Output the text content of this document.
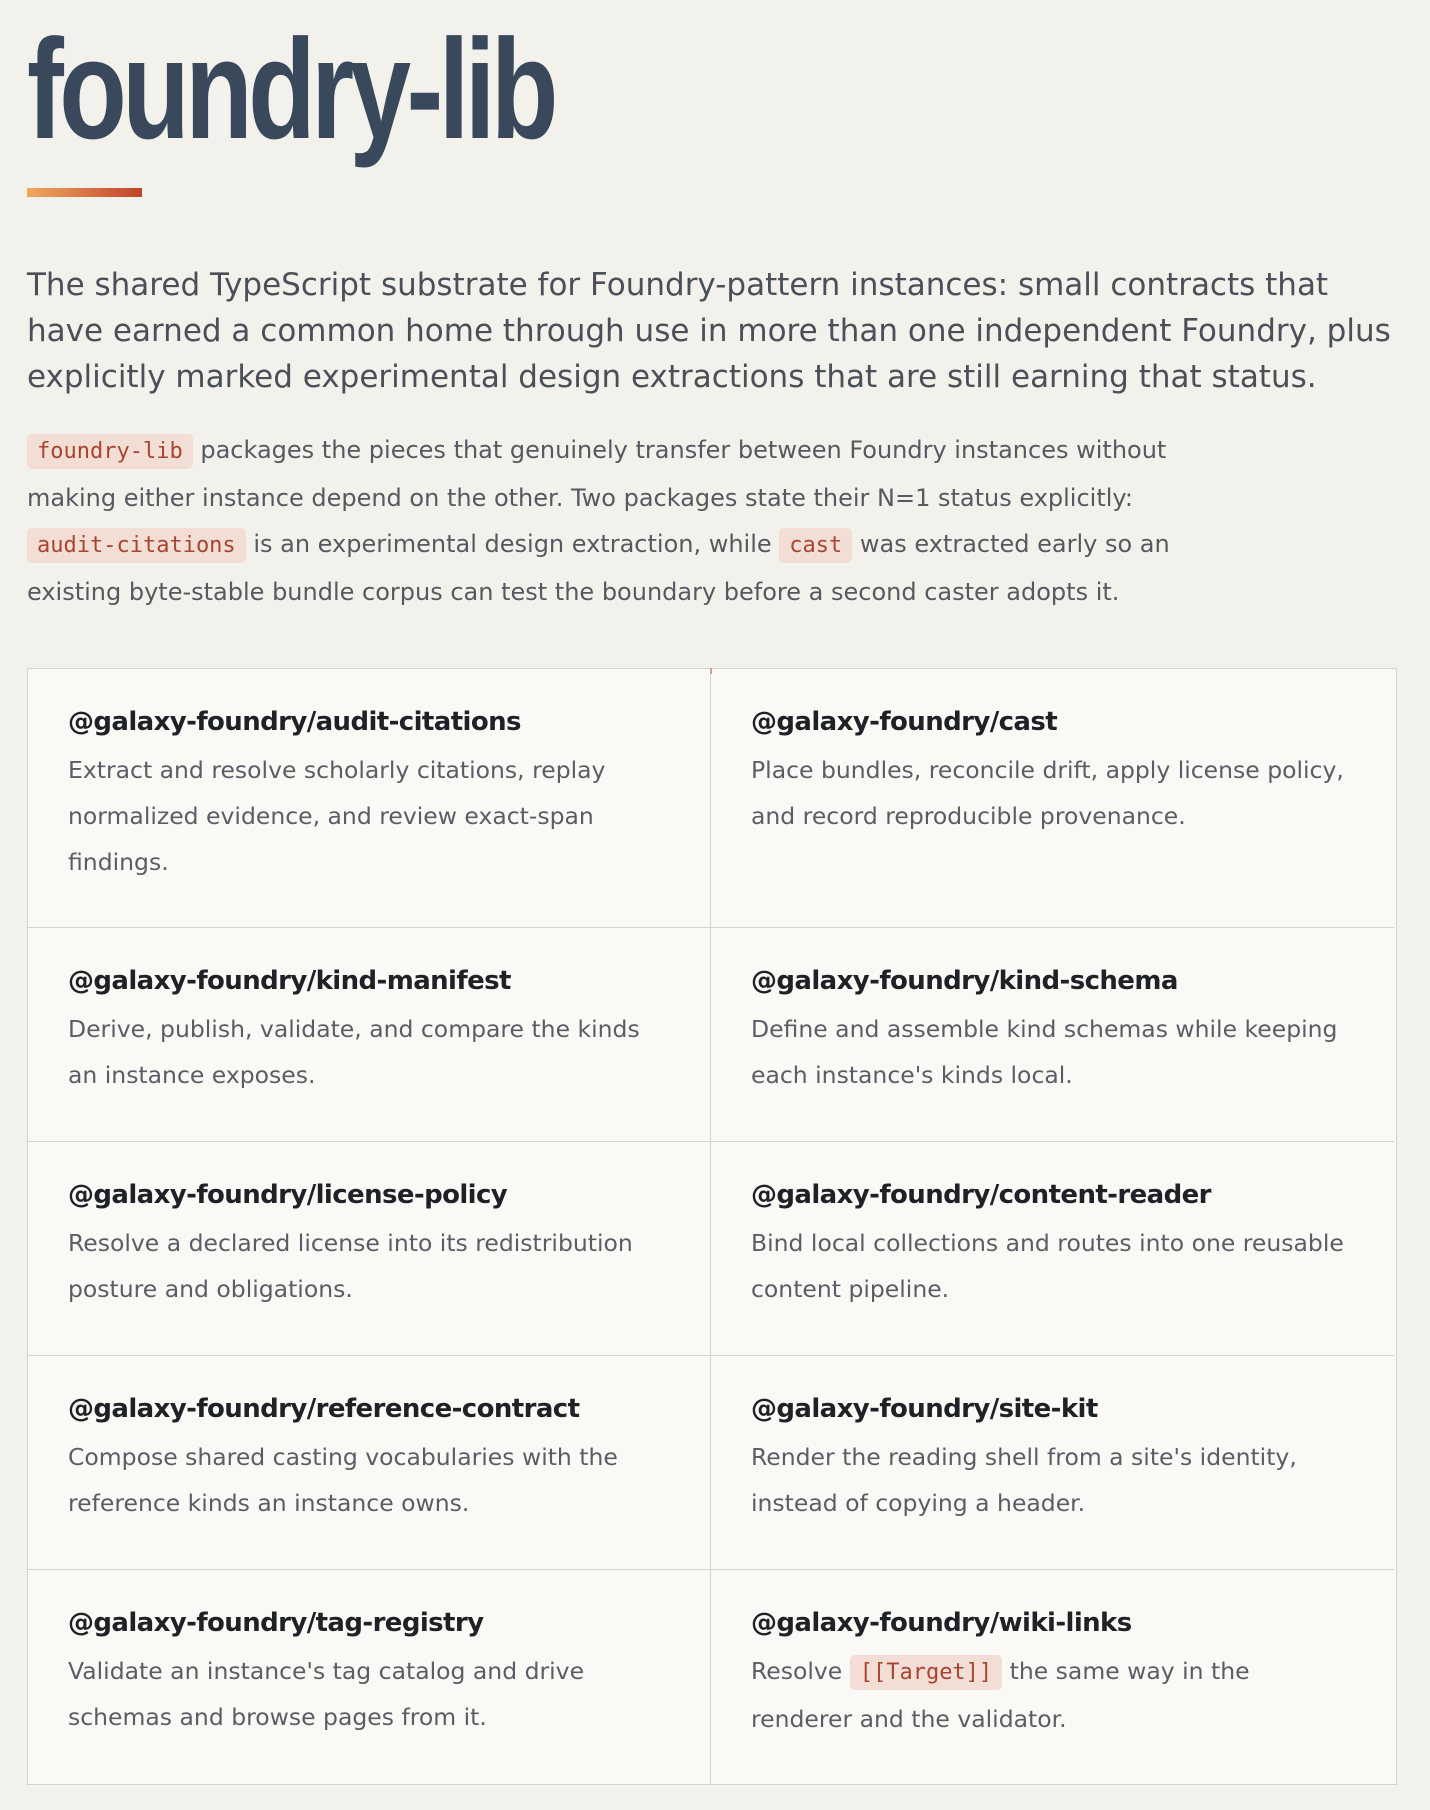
foundry-lib

The shared TypeScript substrate for Foundry-pattern instances: small contracts that have earned a common home through use in more than one independent Foundry, plus explicitly marked experimental design extractions that are still earning that status.

foundry-lib packages the pieces that genuinely transfer between Foundry instances without making either instance depend on the other. Two packages state their N=1 status explicitly: audit-citations is an experimental design extraction, while cast was extracted early so an existing byte-stable bundle corpus can test the boundary before a second caster adopts it.

@galaxy-foundry/audit-citations

Extract and resolve scholarly citations, replay normalized evidence, and review exact-span findings.

@galaxy-foundry/cast

Place bundles, reconcile drift, apply license policy, and record reproducible provenance.

@galaxy-foundry/kind-manifest

Derive, publish, validate, and compare the kinds an instance exposes.

@galaxy-foundry/kind-schema

Define and assemble kind schemas while keeping each instance's kinds local.

@galaxy-foundry/license-policy

Resolve a declared license into its redistribution posture and obligations.

@galaxy-foundry/content-reader

Bind local collections and routes into one reusable content pipeline.

@galaxy-foundry/reference-contract

Compose shared casting vocabularies with the reference kinds an instance owns.

@galaxy-foundry/site-kit

Render the reading shell from a site's identity, instead of copying a header.

@galaxy-foundry/tag-registry

Validate an instance's tag catalog and drive schemas and browse pages from it.

@galaxy-foundry/wiki-links

Resolve [[Target]] the same way in the renderer and the validator.
